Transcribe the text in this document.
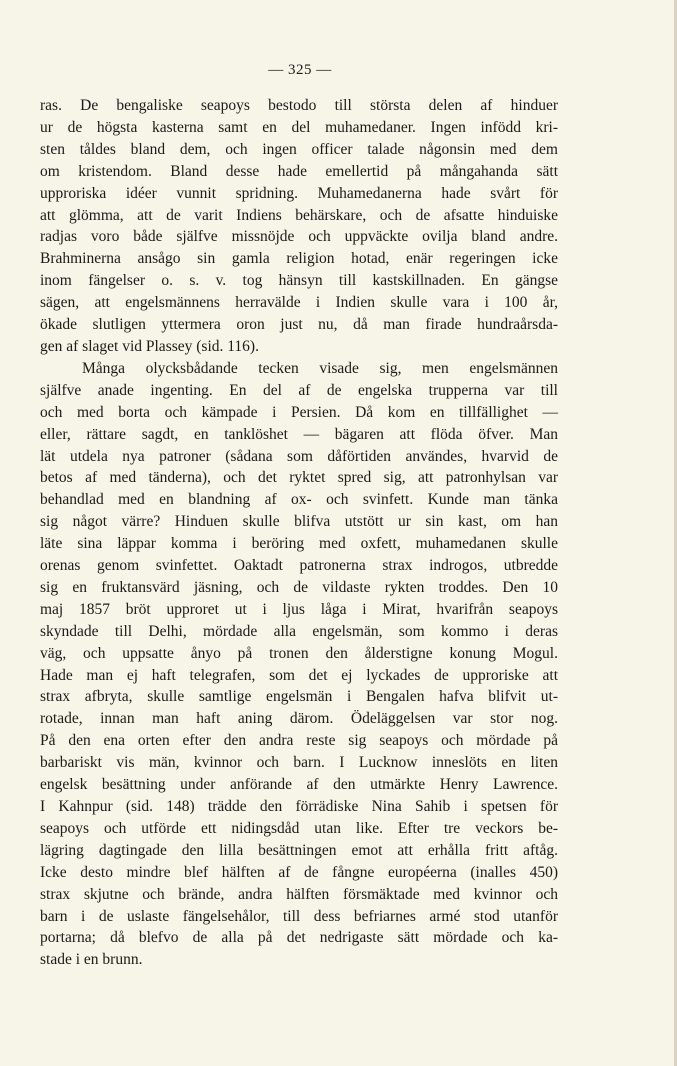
— 325 —
ras. De bengaliske seapoys bestodo till största delen af hinduer
ur de högsta kasterna samt en del muhamedaner. Ingen infödd kri-
sten tåldes bland dem, och ingen officer talade någonsin med dem
om kristendom. Bland desse hade emellertid på mångahanda sätt
upproriska idéer vunnit spridning. Muhamedanerna hade svårt för
att glömma, att de varit Indiens behärskare, och de afsatte hinduiske
radjas voro både själfve missnöjde och uppväckte ovilja bland andre.
Brahminerna ansågo sin gamla religion hotad, enär regeringen icke
inom fängelser o. s. v. tog hänsyn till kastskillnaden. En gängse
sägen, att engelsmännens herravälde i Indien skulle vara i 100 år,
ökade slutligen yttermera oron just nu, då man firade hundraårsda-
gen af slaget vid Plassey (sid. 116).
Många olycksbådande tecken visade sig, men engelsmännen
själfve anade ingenting. En del af de engelska trupperna var till
och med borta och kämpade i Persien. Då kom en tillfällighet —
eller, rättare sagdt, en tanklöshet — bägaren att flöda öfver. Man
lät utdela nya patroner (sådana som dåförtiden användes, hvarvid de
betos af med tänderna), och det ryktet spred sig, att patronhylsan var
behandlad med en blandning af ox- och svinfett. Kunde man tänka
sig något värre? Hinduen skulle blifva utstött ur sin kast, om han
läte sina läppar komma i beröring med oxfett, muhamedanen skulle
orenas genom svinfettet. Oaktadt patronerna strax indrogos, utbredde
sig en fruktansvärd jäsning, och de vildaste rykten troddes. Den 10
maj 1857 bröt upproret ut i ljus låga i Mirat, hvarifrån seapoys
skyndade till Delhi, mördade alla engelsmän, som kommo i deras
väg, och uppsatte ånyo på tronen den ålderstigne konung Mogul.
Hade man ej haft telegrafen, som det ej lyckades de upproriske att
strax afbryta, skulle samtlige engelsmän i Bengalen hafva blifvit ut-
rotade, innan man haft aning därom. Ödeläggelsen var stor nog.
På den ena orten efter den andra reste sig seapoys och mördade på
barbariskt vis män, kvinnor och barn. I Lucknow inneslöts en liten
engelsk besättning under anförande af den utmärkte Henry Lawrence.
I Kahnpur (sid. 148) trädde den förrädiske Nina Sahib i spetsen för
seapoys och utförde ett nidingsdåd utan like. Efter tre veckors be-
lägring dagtingade den lilla besättningen emot att erhålla fritt aftåg.
Icke desto mindre blef hälften af de fångne européerna (inalles 450)
strax skjutne och brände, andra hälften försmäktade med kvinnor och
barn i de uslaste fängelsehålor, till dess befriarnes armé stod utanför
portarna; då blefvo de alla på det nedrigaste sätt mördade och ka-
stade i en brunn.
